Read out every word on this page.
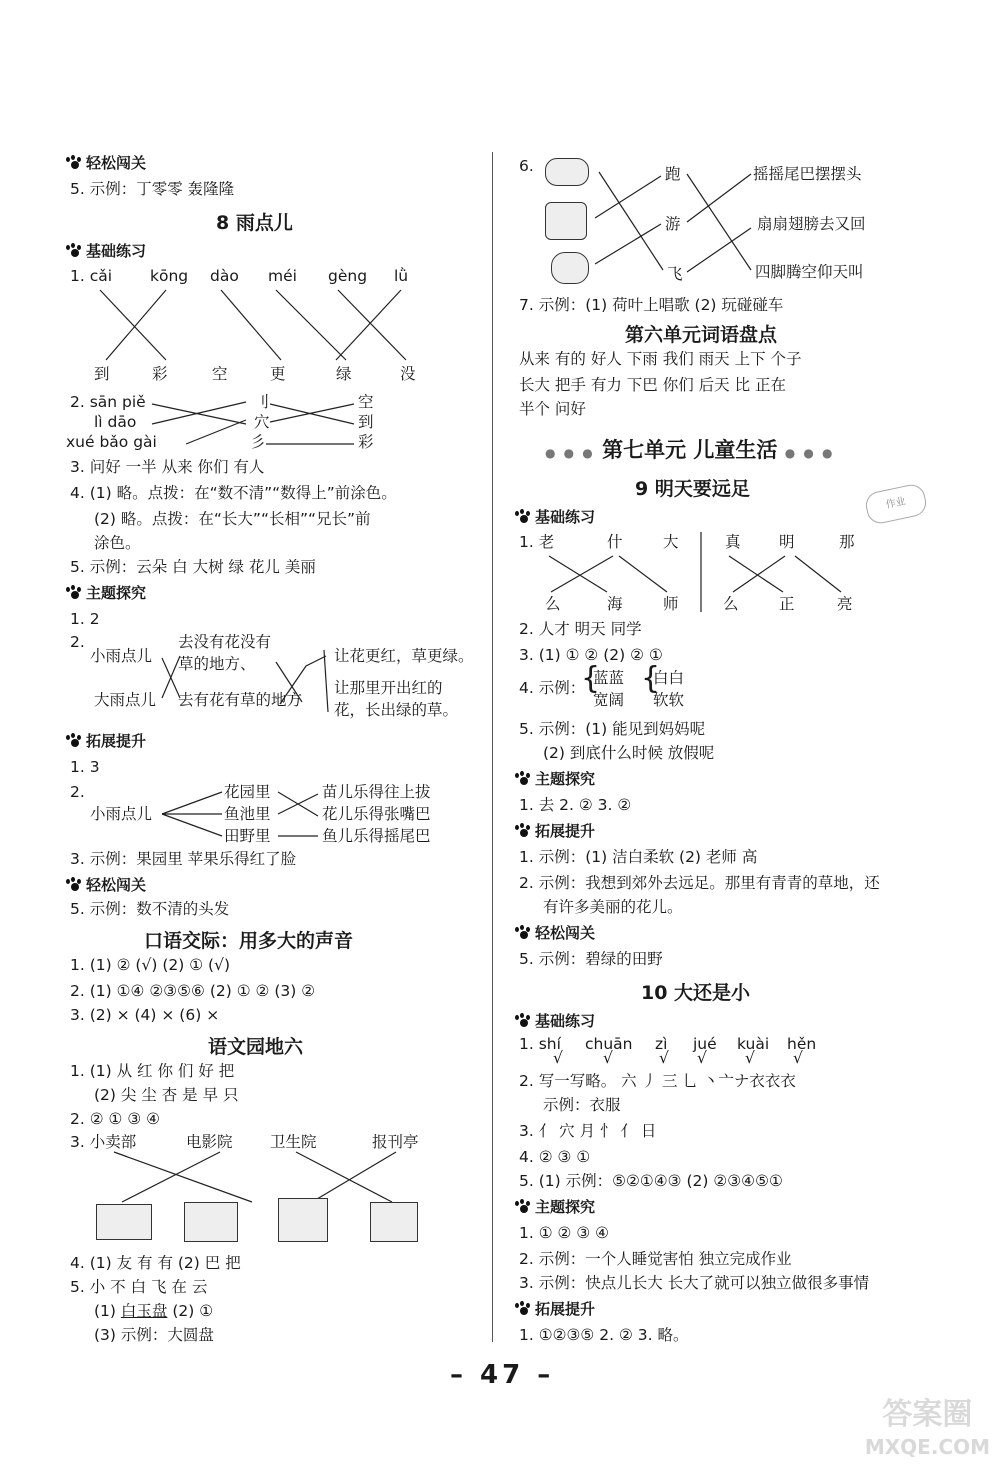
轻松闯关
5. 示例：丁零零 轰隆隆
8 雨点儿
基础练习
1. cǎi kōng dào méi gèng lǜ
到	彩	空	更	绿	没
2. sān piě
lì dāo
xué bǎo gài
刂
穴
彡
空
到
彩
3. 问好 一半 从来 你们 有人
4. (1) 略。点拨：在“数不清”“数得上”前涂色。
(2) 略。点拨：在“长大”“长相”“兄长”前
涂色。
5. 示例：云朵 白 大树 绿 花儿 美丽
主题探究
1. 2
2.
小雨点儿
大雨点儿
去没有花没有
草的地方、
去有花有草的地方
让花更红，草更绿。
让那里开出红的
花，长出绿的草。
拓展提升
1. 3
2.
小雨点儿
花园里
鱼池里
田野里
苗儿乐得往上拔
花儿乐得张嘴巴
鱼儿乐得摇尾巴
3. 示例：果园里 苹果乐得红了脸
轻松闯关
5. 示例：数不清的头发
口语交际：用多大的声音
1. (1) ② (√) (2) ① (√)
2. (1) ①④ ②③⑤⑥ (2) ① ② (3) ②
3. (2) × (4) × (6) ×
语文园地六
1. (1) 从 红 你 们 好 把
(2) 尖 尘 杏 是 早 只
2. ② ① ③ ④
3. 小卖部	电影院 卫生院	报刊亭
4. (1) 友 有 有 (2) 巴 把
5. 小 不 白 飞 在 云
(1) 白玉盘 (2) ①
(3) 示例：大圆盘
6.	跑
游
飞
摇摇尾巴摆摆头
扇扇翅膀去又回
四脚腾空仰天叫
7. 示例：(1) 荷叶上唱歌 (2) 玩碰碰车
第六单元词语盘点
从来 有的 好人 下雨 我们 雨天 上下 个子
长大 把手 有力 下巴 你们 后天 比 正在
半个 问好
● ● ● 第七单元 儿童生活 ● ● ●
9 明天要远足
基础练习
1. 老	什	大	真 明	那
么	海	师	么	正	亮
2. 人才 明天 同学
3. (1) ① ② (2) ② ①
4. 示例：
{
蓝蓝
宽阔
{
白白
软软
5. 示例：(1) 能见到妈妈呢
(2) 到底什么时候 放假呢
主题探究
1. 去 2. ② 3. ②
拓展提升
1. 示例：(1) 洁白柔软 (2) 老师 高
2. 示例：我想到郊外去远足。那里有青青的草地，还
有许多美丽的花儿。
轻松闯关
5. 示例：碧绿的田野
10 大还是小
基础练习
1. shí chuān zì jué kuài hěn
√	√	√ √ √ √
2. 写一写略。 六 丿 三 乚 丶亠ナ衣衣衣
示例：衣服
3. 亻 穴 月 忄 亻 日
4. ② ③ ①
5. (1) 示例：⑤②①④③ (2) ②③④⑤①
主题探究
1. ① ② ③ ④
2. 示例：一个人睡觉害怕 独立完成作业
3. 示例：快点儿长大 长大了就可以独立做很多事情
拓展提升
1. ①②③⑤ 2. ② 3. 略。
作业
– 47 –
答案圈
MXQE.COM
